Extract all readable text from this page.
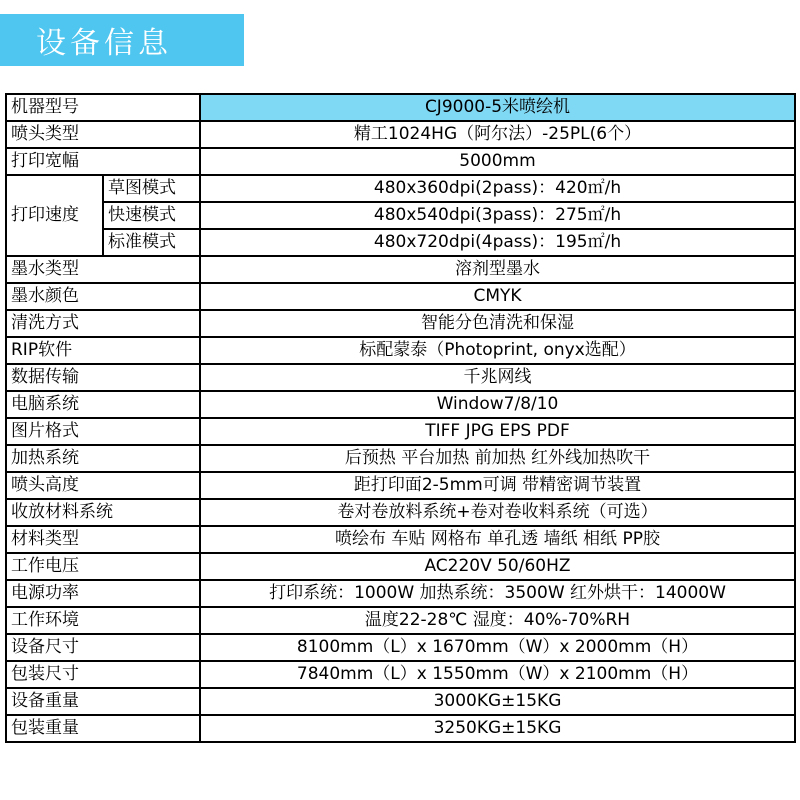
设备信息
机器型号		CJ9000-5米喷绘机
喷头类型		精工1024HG（阿尔法）-25PL(6个）
打印宽幅		5000mm
打印速度	草图模式	480x360dpi(2pass)：420㎡/h
	快速模式	480x540dpi(3pass)：275㎡/h
	标准模式	480x720dpi(4pass)：195㎡/h
墨水类型		溶剂型墨水
墨水颜色		CMYK
清洗方式		智能分色清洗和保湿
RIP软件		标配蒙泰（Photoprint, onyx选配）
数据传输		千兆网线
电脑系统		Window7/8/10
图片格式		TIFF JPG EPS PDF
加热系统		后预热 平台加热 前加热 红外线加热吹干
喷头高度		距打印面2-5mm可调 带精密调节装置
收放材料系统		卷对卷放料系统+卷对卷收料系统（可选）
材料类型		喷绘布 车贴 网格布 单孔透 墙纸 相纸 PP胶
工作电压		AC220V 50/60HZ
电源功率		打印系统：1000W 加热系统：3500W 红外烘干：14000W
工作环境		温度22-28℃ 湿度：40%-70%RH
设备尺寸		8100mm（L）x 1670mm（W）x 2000mm（H）
包装尺寸		7840mm（L）x 1550mm（W）x 2100mm（H）
设备重量		3000KG±15KG
包装重量		3250KG±15KG
